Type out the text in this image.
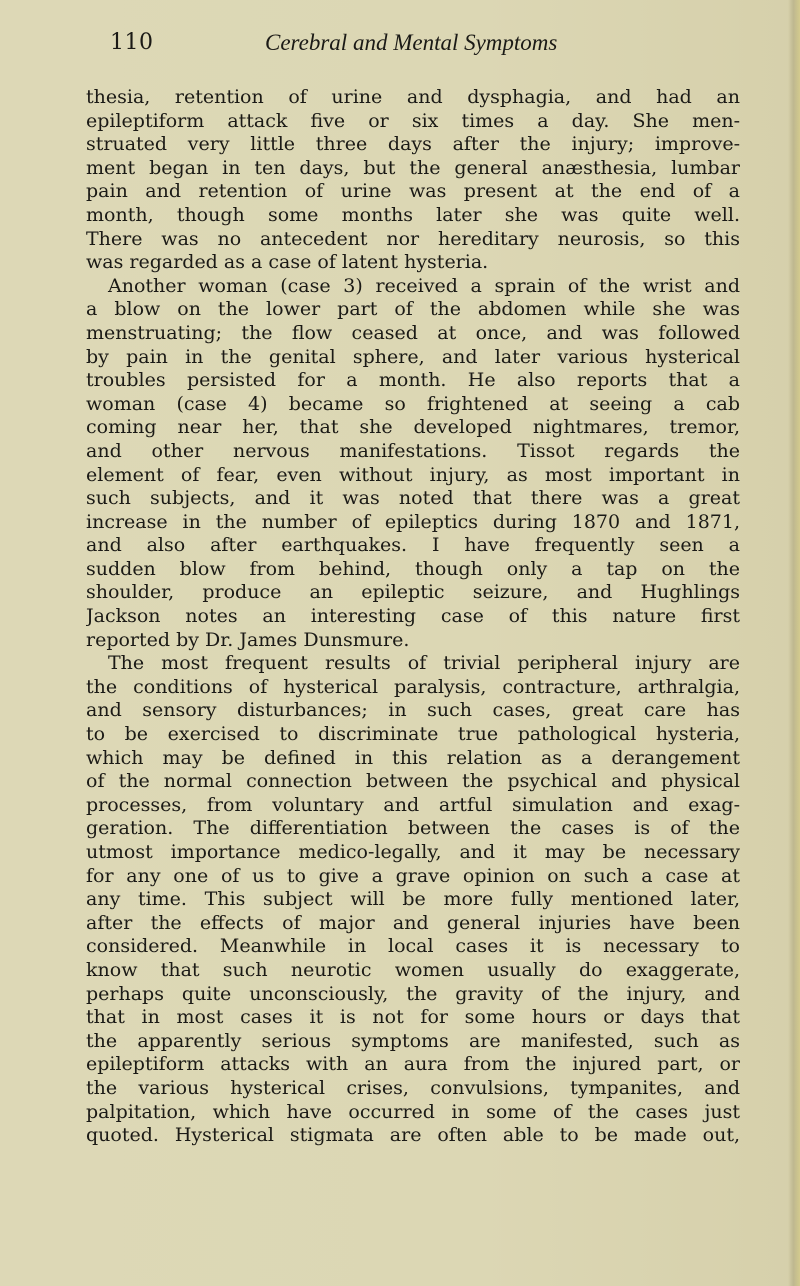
110	Cerebral and Mental Symptoms
thesia, retention of urine and dysphagia, and had an
epileptiform attack five or six times a day. She men-
struated very little three days after the injury; improve-
ment began in ten days, but the general anæsthesia, lumbar
pain and retention of urine was present at the end of a
month, though some months later she was quite well.
There was no antecedent nor hereditary neurosis, so this
was regarded as a case of latent hysteria.
Another woman (case 3) received a sprain of the wrist and
a blow on the lower part of the abdomen while she was
menstruating; the flow ceased at once, and was followed
by pain in the genital sphere, and later various hysterical
troubles persisted for a month. He also reports that a
woman (case 4) became so frightened at seeing a cab
coming near her, that she developed nightmares, tremor,
and other nervous manifestations. Tissot regards the
element of fear, even without injury, as most important in
such subjects, and it was noted that there was a great
increase in the number of epileptics during 1870 and 1871,
and also after earthquakes. I have frequently seen a
sudden blow from behind, though only a tap on the
shoulder, produce an epileptic seizure, and Hughlings
Jackson notes an interesting case of this nature first
reported by Dr. James Dunsmure.
The most frequent results of trivial peripheral injury are
the conditions of hysterical paralysis, contracture, arthralgia,
and sensory disturbances; in such cases, great care has
to be exercised to discriminate true pathological hysteria,
which may be defined in this relation as a derangement
of the normal connection between the psychical and physical
processes, from voluntary and artful simulation and exag-
geration. The differentiation between the cases is of the
utmost importance medico-legally, and it may be necessary
for any one of us to give a grave opinion on such a case at
any time. This subject will be more fully mentioned later,
after the effects of major and general injuries have been
considered. Meanwhile in local cases it is necessary to
know that such neurotic women usually do exaggerate,
perhaps quite unconsciously, the gravity of the injury, and
that in most cases it is not for some hours or days that
the apparently serious symptoms are manifested, such as
epileptiform attacks with an aura from the injured part, or
the various hysterical crises, convulsions, tympanites, and
palpitation, which have occurred in some of the cases just
quoted. Hysterical stigmata are often able to be made out,
